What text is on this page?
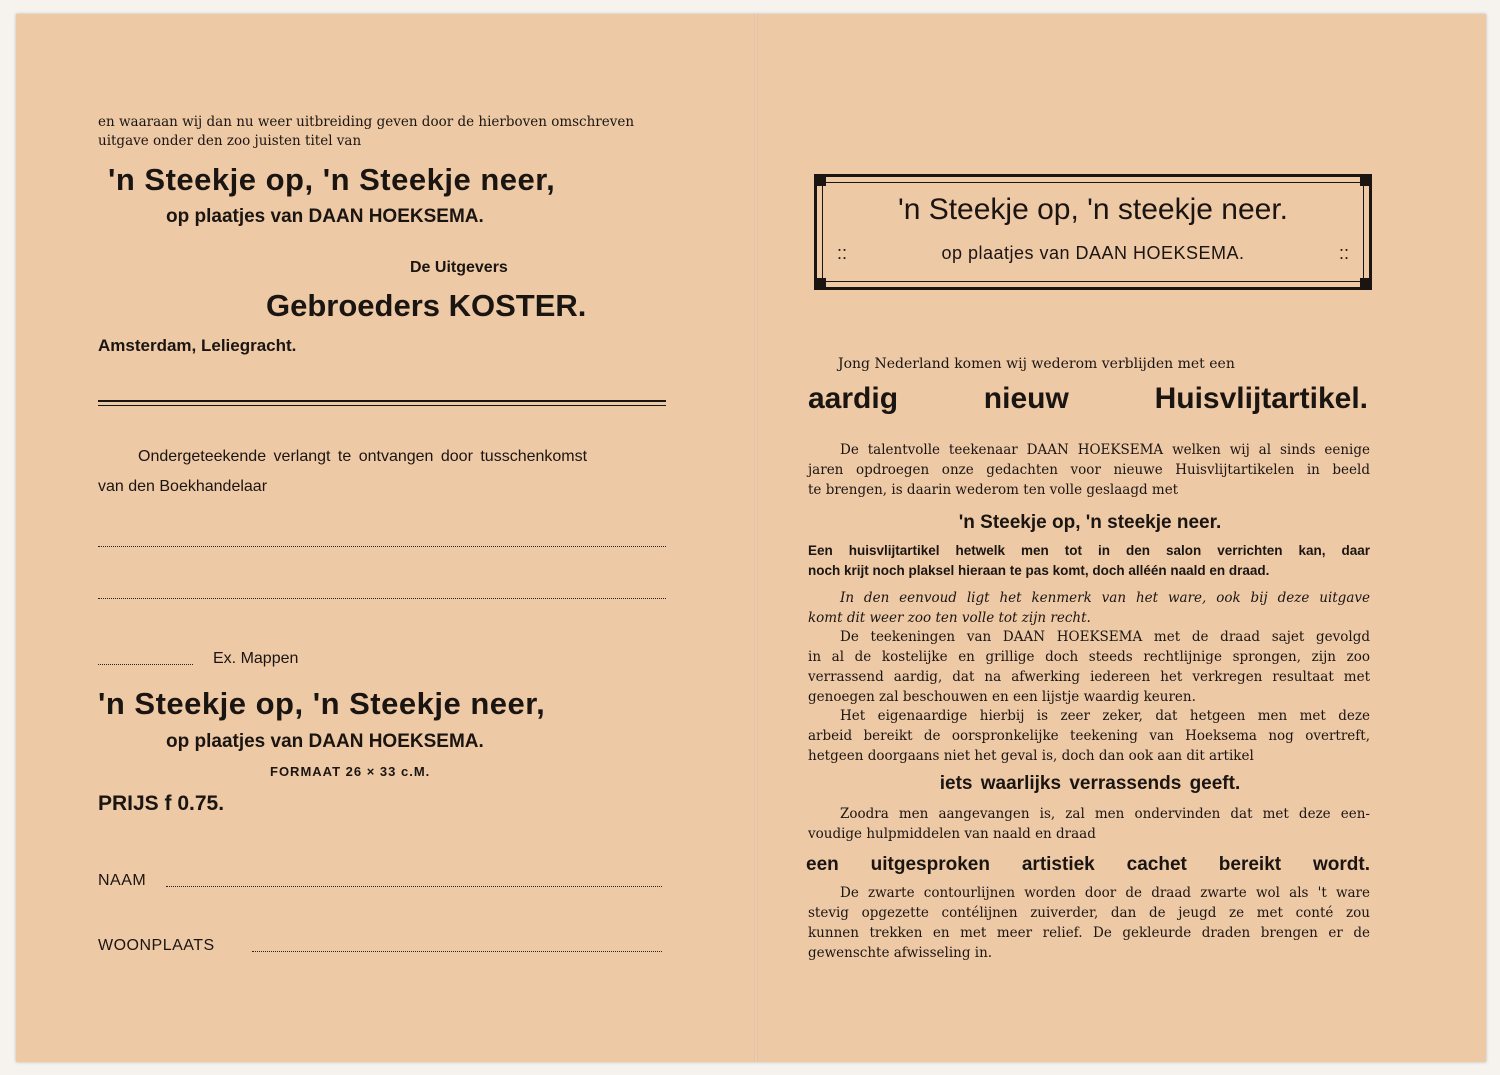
en waaraan wij dan nu weer uitbreiding geven door de hierboven omschreven
uitgave onder den zoo juisten titel van
'n Steekje op, 'n Steekje neer,
op plaatjes van DAAN HOEKSEMA.
De Uitgevers
Gebroeders KOSTER.
Amsterdam, Leliegracht.
Ondergeteekende verlangt te ontvangen door tusschenkomst
van den Boekhandelaar
Ex. Mappen
'n Steekje op, 'n Steekje neer,
op plaatjes van DAAN HOEKSEMA.
FORMAAT 26 × 33 c.M.
PRIJS f 0.75.
NAAM
WOONPLAATS
'n Steekje op, 'n steekje neer.
op plaatjes van DAAN HOEKSEMA.
::	::
Jong Nederland komen wij wederom verblijden met een
aardig nieuw Huisvlijtartikel.
De talentvolle teekenaar DAAN HOEKSEMA welken wij al sinds eenige
jaren opdroegen onze gedachten voor nieuwe Huisvlijtartikelen in beeld
te brengen, is daarin wederom ten volle geslaagd met
'n Steekje op, 'n steekje neer.
Een huisvlijtartikel hetwelk men tot in den salon verrichten kan, daar
noch krijt noch plaksel hieraan te pas komt, doch alléén naald en draad.
In den eenvoud ligt het kenmerk van het ware, ook bij deze uitgave
komt dit weer zoo ten volle tot zijn recht.
De teekeningen van DAAN HOEKSEMA met de draad sajet gevolgd
in al de kostelijke en grillige doch steeds rechtlijnige sprongen, zijn zoo
verrassend aardig, dat na afwerking iedereen het verkregen resultaat met
genoegen zal beschouwen en een lijstje waardig keuren.
Het eigenaardige hierbij is zeer zeker, dat hetgeen men met deze
arbeid bereikt de oorspronkelijke teekening van Hoeksema nog overtreft,
hetgeen doorgaans niet het geval is, doch dan ook aan dit artikel
iets waarlijks verrassends geeft.
Zoodra men aangevangen is, zal men ondervinden dat met deze een-
voudige hulpmiddelen van naald en draad
een uitgesproken artistiek cachet bereikt wordt.
De zwarte contourlijnen worden door de draad zwarte wol als 't ware
stevig opgezette contélijnen zuiverder, dan de jeugd ze met conté zou
kunnen trekken en met meer relief. De gekleurde draden brengen er de
gewenschte afwisseling in.
